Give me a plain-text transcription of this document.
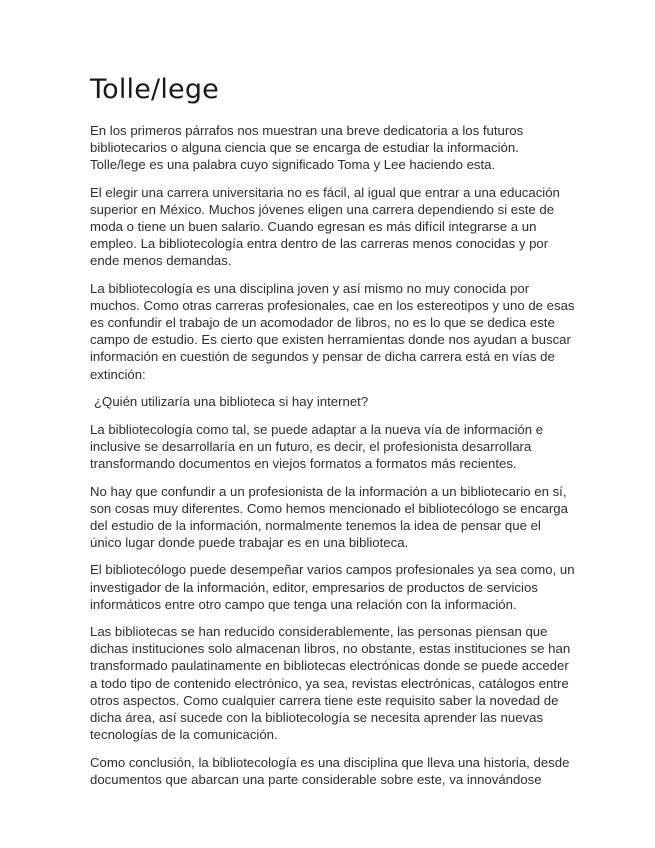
Tolle/lege

En los primeros párrafos nos muestran una breve dedicatoria a los futuros
bibliotecarios o alguna ciencia que se encarga de estudiar la información.
Tolle/lege es una palabra cuyo significado Toma y Lee haciendo esta.

El elegir una carrera universitaria no es fácil, al igual que entrar a una educación
superior en México. Muchos jóvenes eligen una carrera dependiendo si este de
moda o tiene un buen salario. Cuando egresan es más difícil integrarse a un
empleo. La bibliotecología entra dentro de las carreras menos conocidas y por
ende menos demandas.

La bibliotecología es una disciplina joven y así mismo no muy conocida por
muchos. Como otras carreras profesionales, cae en los estereotipos y uno de esas
es confundir el trabajo de un acomodador de libros, no es lo que se dedica este
campo de estudio. Es cierto que existen herramientas donde nos ayudan a buscar
información en cuestión de segundos y pensar de dicha carrera está en vías de
extinción:

¿Quién utilizaría una biblioteca si hay internet?

La bibliotecología como tal, se puede adaptar a la nueva vía de información e
inclusive se desarrollaría en un futuro, es decir, el profesionista desarrollara
transformando documentos en viejos formatos a formatos más recientes.

No hay que confundir a un profesionista de la información a un bibliotecario en sí,
son cosas muy diferentes. Como hemos mencionado el bibliotecólogo se encarga
del estudio de la información, normalmente tenemos la idea de pensar que el
único lugar donde puede trabajar es en una biblioteca.

El bibliotecólogo puede desempeñar varios campos profesionales ya sea como, un
investigador de la información, editor, empresarios de productos de servicios
informáticos entre otro campo que tenga una relación con la información.

Las bibliotecas se han reducido considerablemente, las personas piensan que
dichas instituciones solo almacenan libros, no obstante, estas instituciones se han
transformado paulatinamente en bibliotecas electrónicas donde se puede acceder
a todo tipo de contenido electrónico, ya sea, revistas electrónicas, catálogos entre
otros aspectos. Como cualquier carrera tiene este requisito saber la novedad de
dicha área, así sucede con la bibliotecología se necesita aprender las nuevas
tecnologías de la comunicación.

Como conclusión, la bibliotecología es una disciplina que lleva una historia, desde
documentos que abarcan una parte considerable sobre este, va innovándose
